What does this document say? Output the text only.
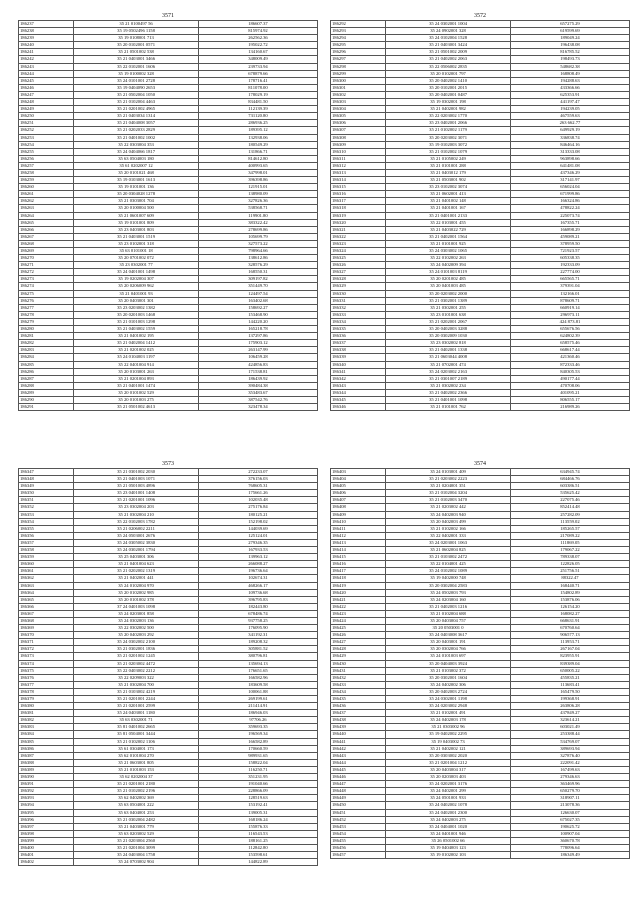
3571
186237	35 21 0100497 56	186607.37
186238	35 19 0502496 1158	815974.92
186239	35 19 0108001 713	262562.36
186240	35 20 0102001 0571	195022.72
186241	35 21 0501002 538	134160.67
186242	35 21 0403001 3466	348009.49
186243	35 22 0102001 1606	239733.94
186244	35 19 0100002 328	678879.66
186245	35 24 0101001 2728	178716.41
186246	35 19 0404090 2653	811078.00
186247	35 21 0502004 1050	178029.19
186248	35 21 0102004 4463	834481.50
186249	35 21 0201002 4965	112139.39
186250	35 21 0403034 1314	731120.80
186251	35 21 0404008 3057	286936.25
186252	35 21 0202033 2829	189395.12
186253	35 21 0401002 1002	132938.06
186254	35 22 0303004 353	180549.29
186255	35 24 0404066 1817	131866.71
186256	35 63 0504003 180	814612.80
186257	35 61 0202007 12	400993.65
186258	35 20 0101021 468	347998.01
186259	35 19 0103001 1613	396398.86
186260	35 19 0101001 136	121915.01
186261	35 20 0304028 1278	138980.09
186262	35 21 0303001 704	327826.36
186263	35 20 0100004 500	538568.71
186264	35 21 0601007 609	119901.80
186265	35 19 0101001 809	383322.42
186266	35 23 0403001 803	278699.86
186267	35 21 0403001 1519	105699.79
186268	35 23 0102001 318	327573.22
186269	35 63 0101001 18	798964.66
186270	35 20 0701002 072	138612.86
186271	35 23 0302001 77	328576.29
186272	35 24 0401001 1498	168550.31
186273	35 19 0202004 307	309197.82
186274	35 20 0206009 962	351449.70
186275	35 21 0401001 93	124497.54
186276	35 20 0403001 301	163402.68
186277	35 23 0203002 1382	158692.27
186278	35 20 0201003 1468	153468.90
186279	35 21 0101003 1298	144220.20
186280	35 21 0403002 1559	165218.78
186281	35 21 0401002 195	137297.86
186282	35 21 0402004 1412	175903.12
186283	35 21 0201002 025	263147.99
186284	35 24 0104003 1197	106459.28
186285	35 22 0401004 914	424856.83
186286	35 20 0103001 263	171538.81
186287	35 21 0201004 893	186439.92
186288	35 21 0401001 1474	390484.38
186289	35 20 0101002 529	353483.67
186290	35 20 0101003 275	387542.76
186291	35 21 0501002 4613	323478.34
3572
186292	35 24 0302001 1004	657275.29
186293	35 24 0902001 328	619599.69
186294	35 24 0102004 1528	189049.24
186295	35 21 0403001 3424	196438.08
186296	35 21 0501002 2009	816785.52
186297	35 21 0402002 2063	198493.73
186298	35 22 0506002 2835	548682.38
186299	35 20 0102001 797	168808.49
186300	35 20 0402002 1410	194288.63
186301	35 20 0102001 2015	433366.66
186302	35 20 0402001 0487	625353.91
186303	35 19 0302001 198	441197.47
186304	35 21 0402001 982	194239.05
186305	35 22 0203002 1770	467559.63
186306	35 23 0402001 2066	263 662.77
186307	35 21 0102002 1179	649929.19
186308	35 20 0203002 3071	336838.74
186309	35 19 0102003 3072	846464.16
186310	35 21 0102002 1079	313333.08
186311	35 21 0105002 249	963898.66
186312	35 21 0101001 288	641481.08
186313	35 21 0403012 179	437346.29
186314	35 21 0503001 902	317141.97
186315	35 23 0102002 3074	656024.04
186316	35 21 0602001 413	671999.86
186317	35 21 0401002 148	166324.86
186318	35 21 0401001 167	478822.24
186319	35 21 0401001 2133	225073.74
186320	35 22 0103001 455	167355.71
186321	35 21 0403022 729	166898.29
186322	35 21 0402001 1564	459089.21
186323	35 21 0101001 925	378959.50
186324	35 24 0303002 1065	721923.57
186325	35 22 0102002 263	605338.35
186326	35 24 0402009 394	192333.09
186327	35 24 0101003 8119	227774.00
186328	35 20 0201002 485	665565.71
186329	35 20 0401003 485	379391.04
186330	35 20 0203002 2000	132166.01
186331	35 21 0302001 1389	878609.71
186332	35 21 0302001 255	660919.14
186333	35 23 0101001 638	296973.11
186334	35 21 0202001 2067	424 873.81
186335	35 20 0402003 3288	655676.56
186336	35 20 0302009 1030	624802.39
186337	35 23 0302002 818	658575.46
186338	35 21 0402001 1338	668617.44
186339	35 21 0603044 4008	421360.46
186340	35 21 0702001 474	872333.46
186341	35 24 0203002 2163	840305.53
186342	35 21 0301007 2189	490177.44
186343	35 21 0302002 234	470708.06
186344	35 21 0402002 2366	401095.21
186345	35 21 0401001 1098	806555.17
186346	35 21 0101001 762	216989.26
3573
186347	35 21 0301002 2030	272233.07
186348	35 21 0401003 1071	376156.03
186349	35 21 0501003 4896	768605.31
186350	35 23 0401001 1408	175661.26
186351	35 21 0201001 1096	102035.48
186352	35 23 0302004 203	275176.84
186353	35 21 0302004 210	180125.21
186354	35 22 0102003 1782	152198.02
186355	35 21 0206002 2211	144039.69
186356	35 24 0503001 2676	125124.01
186357	35 24 0305002 3830	279346.35
186358	35 24 0302001 1794	167933.53
186359	35 25 0403001 306	139963.12
186360	35 21 0401004 623	266088.27
186361	35 21 0202002 1319	196736.64
186362	35 21 0402001 441	102674.31
186363	35 24 0102004 970	468266.17
186364	35 20 0102002 985	109736.68
186365	35 20 0101002 378	396795.83
186366	37 24 0401003 1098	182443.80
186367	35 24 0203001 858	678486.74
186368	35 24 0302003 136	937758.25
186369	35 22 0302002 500	176095.90
186370	35 20 0402003 292	341192.31
186371	35 24 0302002 2100	189208.32
186372	35 21 0302001 1836	305881.52
186373	35 21 0201002 1245	380796.81
186374	35 21 0203002 4472	135694.13
186375	35 22 0403002 2212	176651.65
186376	35 22 0209003 322	166582.96
186377	35 21 0302004 700	183609.58
186378	35 21 0103002 4219	100061.88
186379	35 21 0201001 2244	269199.61
186380	35 21 0201001 2599	211414.91
186381	35 24 0403001 1180	186946.03
186382	35 63 0302001 71	97706.26
186383	35 81 0401002 2665	359693.35
186384	35 81 0504001 3444	196569.34
186385	35 21 0102002 1106	166582.89
186386	35 61 0304001 173	170660.59
186387	35 62 0101004 270	989931.65
186388	35 21 0603001 805	158822.04
186389	35 21 0101003 153	116250.71
186390	35 62 0202004 37	351231.95
186391	35 21 0201001 2180	191040.66
186392	35 21 0102002 2196	228866.09
186393	35 62 0402002 369	128519.63
186394	35 63 0504001 222	153192.41
186395	35 63 0404001 253	139005.31
186396	35 21 0302004 2482	168186.24
186397	35 21 0403001 779	155876.33
186398	35 63 0203002 529	116543.53
186399	35 21 0203004 2560	188161.25
186400	35 21 0201004 3099	112842.80
186401	35 24 0403004 1758	153598.61
186402	35 24 0703002 904	144822.89
3574
186403	35 24 0103001 409	634945.74
186404	35 21 0203002 2223	684466.76
186405	35 21 0204001 351	603386.51
186406	35 21 0102004 3204	535625.42
186407	35 21 0102003 3470	227075.46
186408	35 21 0203002 442	852414.48
186409	35 24 0402003 940	257282.09
186410	35 20 0402003 499	113559.02
186411	35 21 0102002 166	185265.57
186412	35 22 0402001 333	217089.22
186413	35 24 0203001 1063	111869.05
186414	35 21 0602004 825	179067.22
186415	35 21 0103002 2472	789338.07
186416	35 22 0104001 425	122826.05
186417	35 24 0102002 1089	251756.51
186418	35 19 0402000 748	88322.47
186419	35 20 0302004 2583	168440.71
186420	35 24 0502003 793	154802.89
186421	35 24 0203004 160	153876.06
186422	35 21 0402003 1216	126154.20
186423	35 21 0102004 688	168082.27
186424	35 20 0403004 757	668631.91
186425	35 20 0503001 0	670760.64
186426	35 24 0403008 3617	906577.13
186427	35 20 0403001 191	113953.71
186428	35 20 0302004 766	267167.04
186429	35 24 0101003 697	823955.91
186430	35 20 0404003 3924	839389.04
186431	35 21 0103002 372	650005.22
186432	35 20 0302001 1604	455835.21
186433	35 24 0402002 306	113683.41
186434	35 20 0402003 2724	165479.50
186435	35 24 0302001 1198	199368.91
186436	35 24 0203002 2948	263806.28
186437	35 21 0102001 491	437849.27
186438	35 24 0402003 178	323614.21
186439	35 21 0303002 96	603021.49
186440	35 19 0402002 2295	253388.44
186441	35 19 0403002 73	534769.07
186442	35 21 0402002 121	389693.94
186443	35 20 0303002 2020	327876.40
186444	35 21 0201004 1212	222091.42
186445	35 20 0403004 317	167499.63
186446	35 20 0203003 403	279346.63
186447	35 24 0202001 3176	363469.96
186448	35 24 0402001 299	650279.70
186449	35 24 0501001 933	318907.11
186450	35 24 0402002 1078	213078.36
186451	35 24 0402001 2300	126630.07
186452	35 24 0402003 275	675027.35
186453	35 24 0404001 1020	190625.72
186454	35 24 0401001 946	100907.04
186455	35 26 0501002 66	360670.78
186456	35 19 0404003 123	778096.64
186457	35 19 0102002 103	186349.49
